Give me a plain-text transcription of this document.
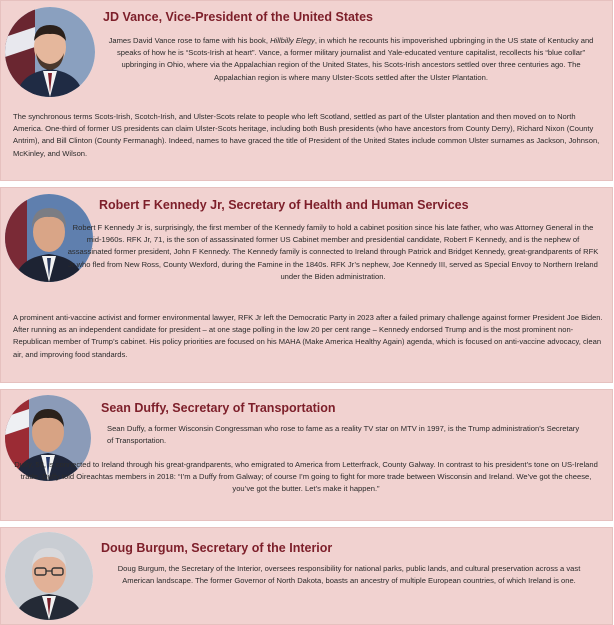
JD Vance, Vice-President of the United States

James David Vance rose to fame with his book, Hillbilly Elegy, in which he recounts his impoverished upbringing in the US state of Kentucky and speaks of how he is “Scots-Irish at heart”. Vance, a former military journalist and Yale-educated venture capitalist, recollects his “blue collar” upbringing in Ohio, where via the Appalachian region of the United States, his Scots-Irish ancestors settled over three centuries ago. The Appalachian region is where many Ulster-Scots settled after the Ulster Plantation.

The synchronous terms Scots-Irish, Scotch-Irish, and Ulster-Scots relate to people who left Scotland, settled as part of the Ulster plantation and then moved on to North America. One-third of former US presidents can claim Ulster-Scots heritage, including both Bush presidents (who have ancestors from County Derry), Richard Nixon (County Antrim), and Bill Clinton (County Fermanagh). Indeed, names to have graced the title of President of the United States include common Ulster surnames as Jackson, Johnson, McKinley, and Wilson.

Robert F Kennedy Jr, Secretary of Health and Human Services

Robert F Kennedy Jr is, surprisingly, the first member of the Kennedy family to hold a cabinet position since his late father, who was Attorney General in the mid-1960s. RFK Jr, 71, is the son of assassinated former US Cabinet member and presidential candidate, Robert F Kennedy, and is the nephew of assassinated former president, John F Kennedy. The Kennedy family is connected to Ireland through Patrick and Bridget Kennedy, great-grandparents of RFK Jr who fled from New Ross, County Wexford, during the Famine in the 1840s. RFK Jr’s nephew, Joe Kennedy III, served as Special Envoy to Northern Ireland under the Biden administration.

A prominent anti-vaccine activist and former environmental lawyer, RFK Jr left the Democratic Party in 2023 after a failed primary challenge against former President Joe Biden. After running as an independent candidate for president – at one stage polling in the low 20 per cent range – Kennedy endorsed Trump and is the most prominent non-Republican member of Trump’s cabinet. His policy priorities are focused on his MAHA (Make America Healthy Again) agenda, which is focused on anti-vaccine advocacy, clean air, and improving food standards.

Sean Duffy, Secretary of Transportation

Sean Duffy, a former Wisconsin Congressman who rose to fame as a reality TV star on MTV in 1997, is the Trump administration’s Secretary of Transportation.

Duffy, 53, is connected to Ireland through his great-grandparents, who emigrated to America from Letterfrack, County Galway. In contrast to his president’s tone on US-Ireland trade, Duffy told Oireachtas members in 2018: “I’m a Duffy from Galway; of course I’m going to fight for more trade between Wisconsin and Ireland. We’ve got the cheese, you’ve got the butter. Let’s make it happen.”

Doug Burgum, Secretary of the Interior

Doug Burgum, the Secretary of the Interior, oversees responsibility for national parks, public lands, and cultural preservation across a vast American landscape. The former Governor of North Dakota, boasts an ancestry of multiple European countries, of which Ireland is one.
